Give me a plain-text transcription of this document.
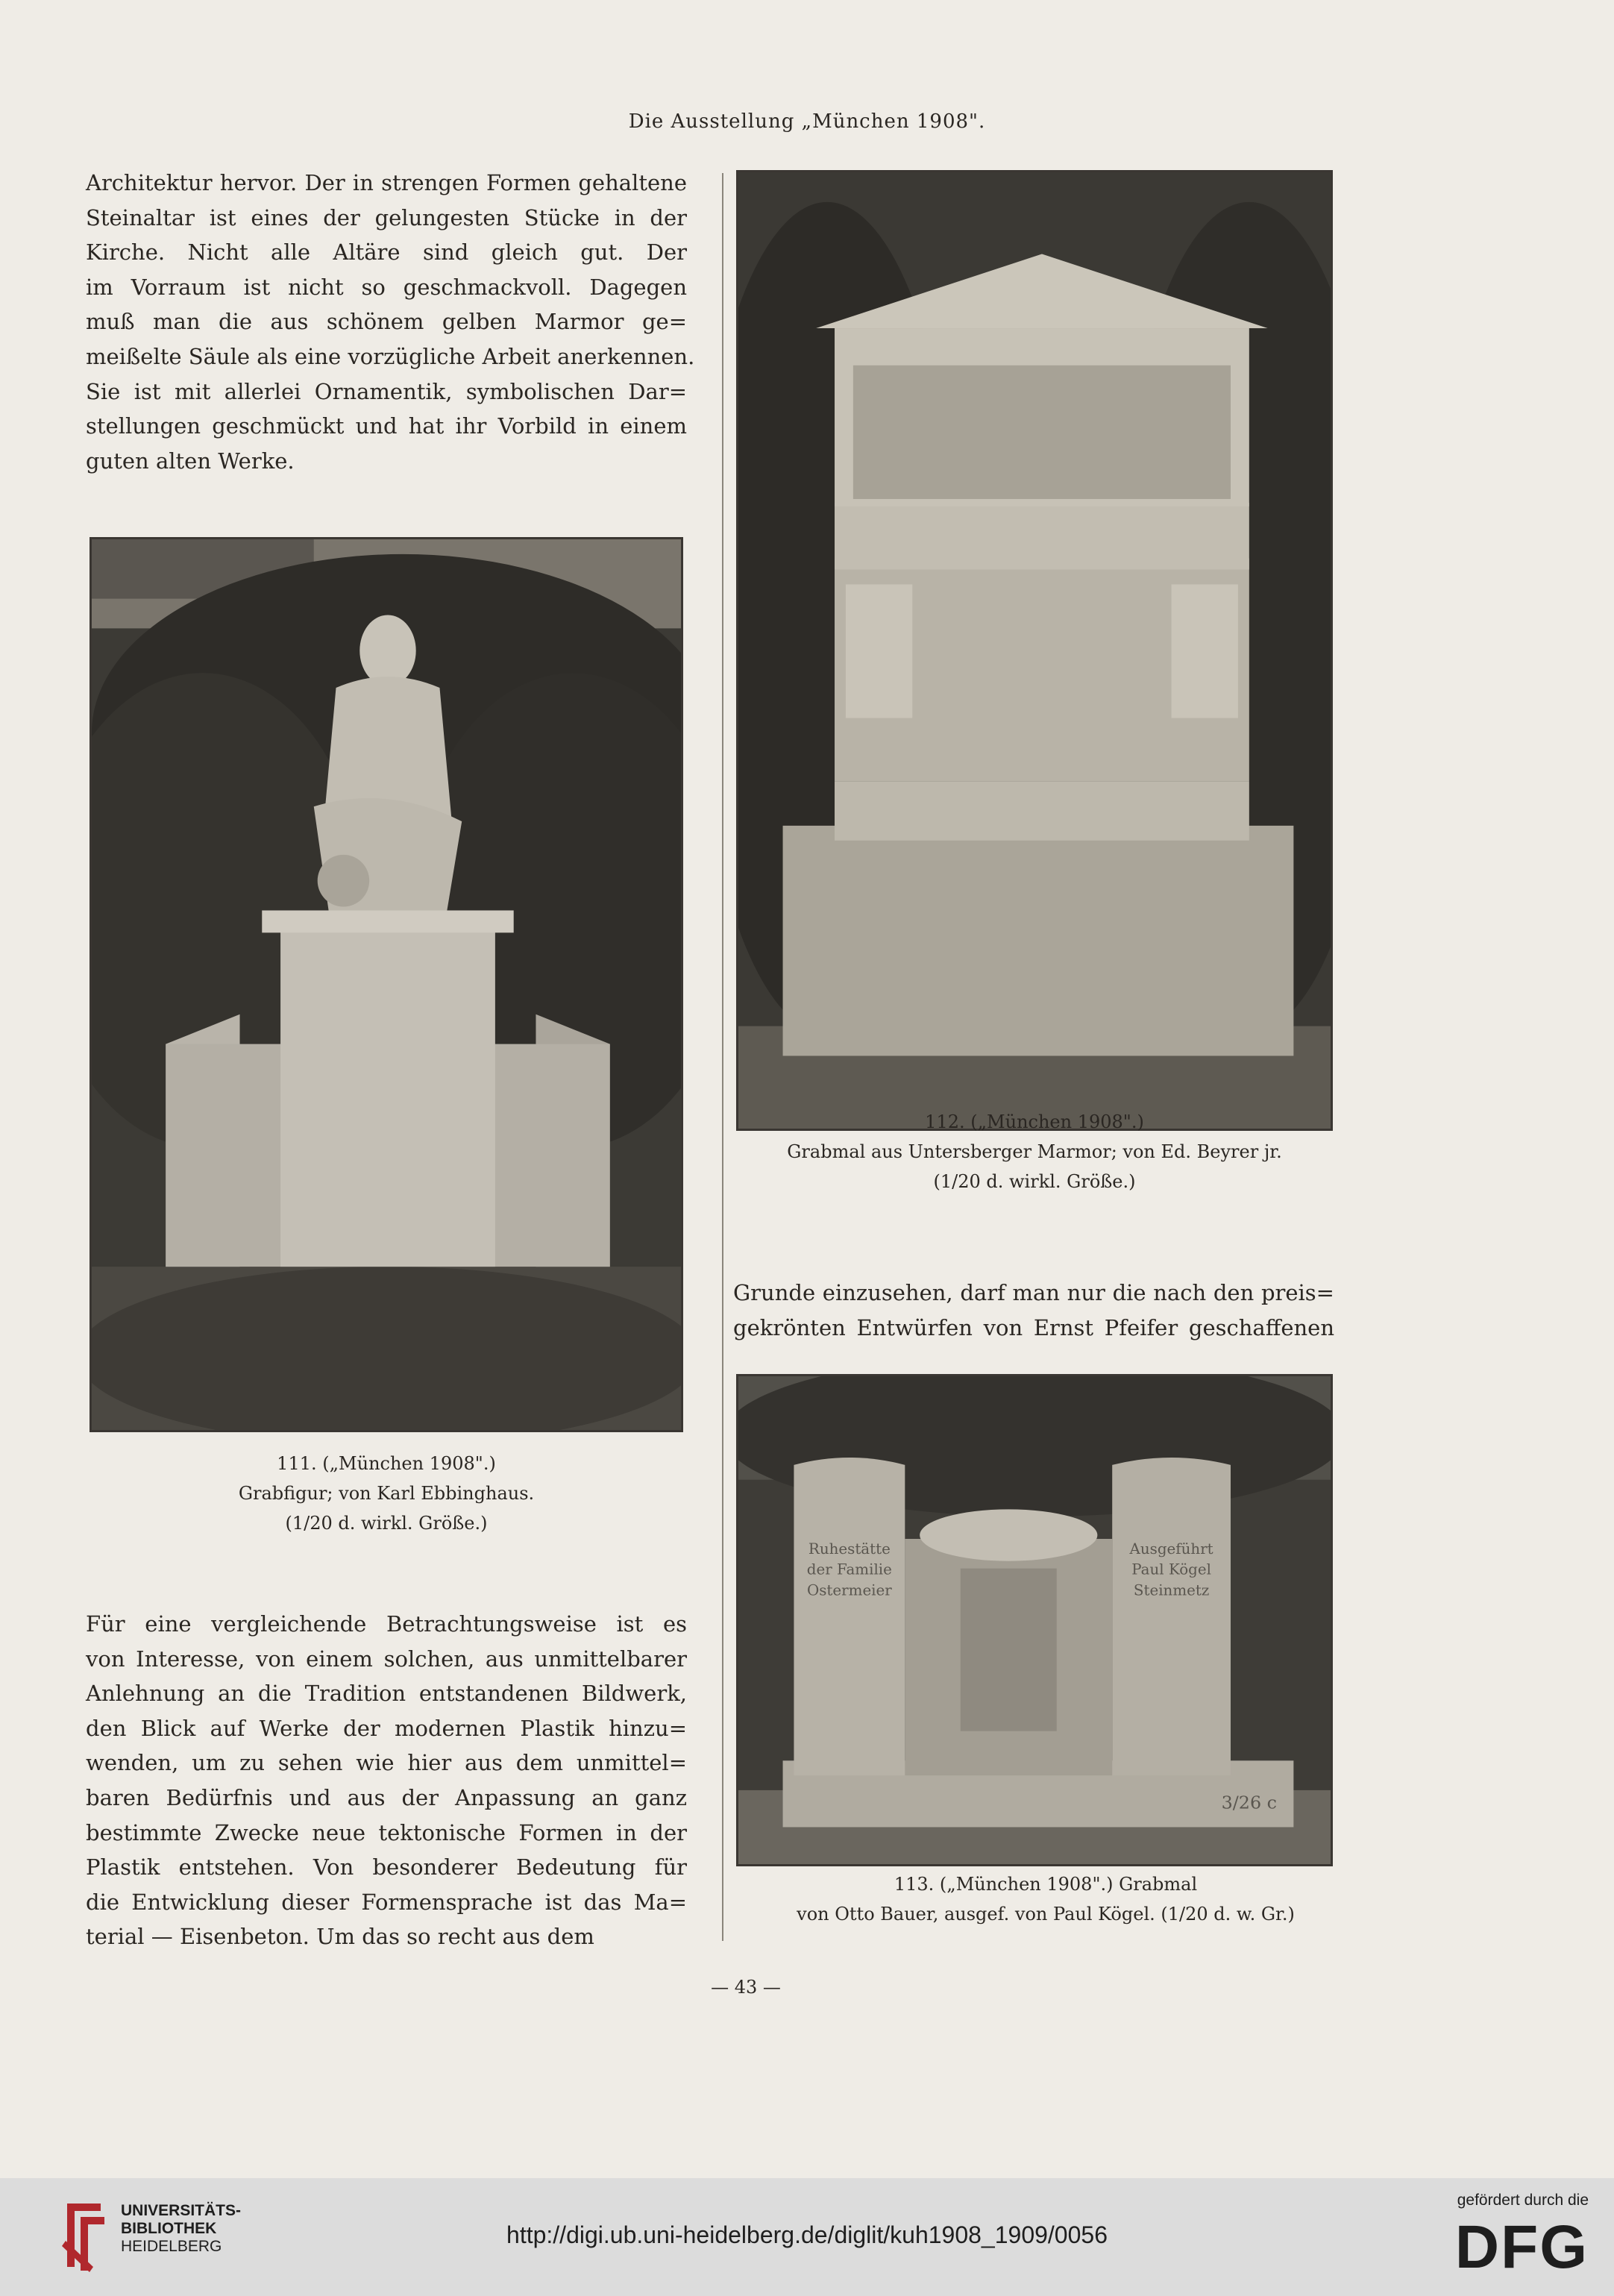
Die Ausstellung „München 1908".
Architektur hervor. Der in strengen Formen gehaltene
Steinaltar ist eines der gelungesten Stücke in der
Kirche. Nicht alle Altäre sind gleich gut. Der
im Vorraum ist nicht so geschmackvoll. Dagegen
muß man die aus schönem gelben Marmor ge=
meißelte Säule als eine vorzügliche Arbeit anerkennen.
Sie ist mit allerlei Ornamentik, symbolischen Dar=
stellungen geschmückt und hat ihr Vorbild in einem
guten alten Werke.
111. („München 1908".)
Grabfigur; von Karl Ebbinghaus.
(1/20 d. wirkl. Größe.)
Für eine vergleichende Betrachtungsweise ist es
von Interesse, von einem solchen, aus unmittelbarer
Anlehnung an die Tradition entstandenen Bildwerk,
den Blick auf Werke der modernen Plastik hinzu=
wenden, um zu sehen wie hier aus dem unmittel=
baren Bedürfnis und aus der Anpassung an ganz
bestimmte Zwecke neue tektonische Formen in der
Plastik entstehen. Von besonderer Bedeutung für
die Entwicklung dieser Formensprache ist das Ma=
terial — Eisenbeton. Um das so recht aus dem
112. („München 1908".)
Grabmal aus Untersberger Marmor; von Ed. Beyrer jr.
(1/20 d. wirkl. Größe.)
Grunde einzusehen, darf man nur die nach den preis=
gekrönten Entwürfen von Ernst Pfeifer geschaffenen
Ruhestätte
der Familie
Ostermeier
Ausgeführt
Paul Kögel
Steinmetz
3/26 c
113. („München 1908".) Grabmal
von Otto Bauer, ausgef. von Paul Kögel. (1/20 d. w. Gr.)
— 43 —
UNIVERSITÄTS-
BIBLIOTHEK
HEIDELBERG	http://digi.ub.uni-heidelberg.de/diglit/kuh1908_1909/0056
gefördert durch die
DFG
